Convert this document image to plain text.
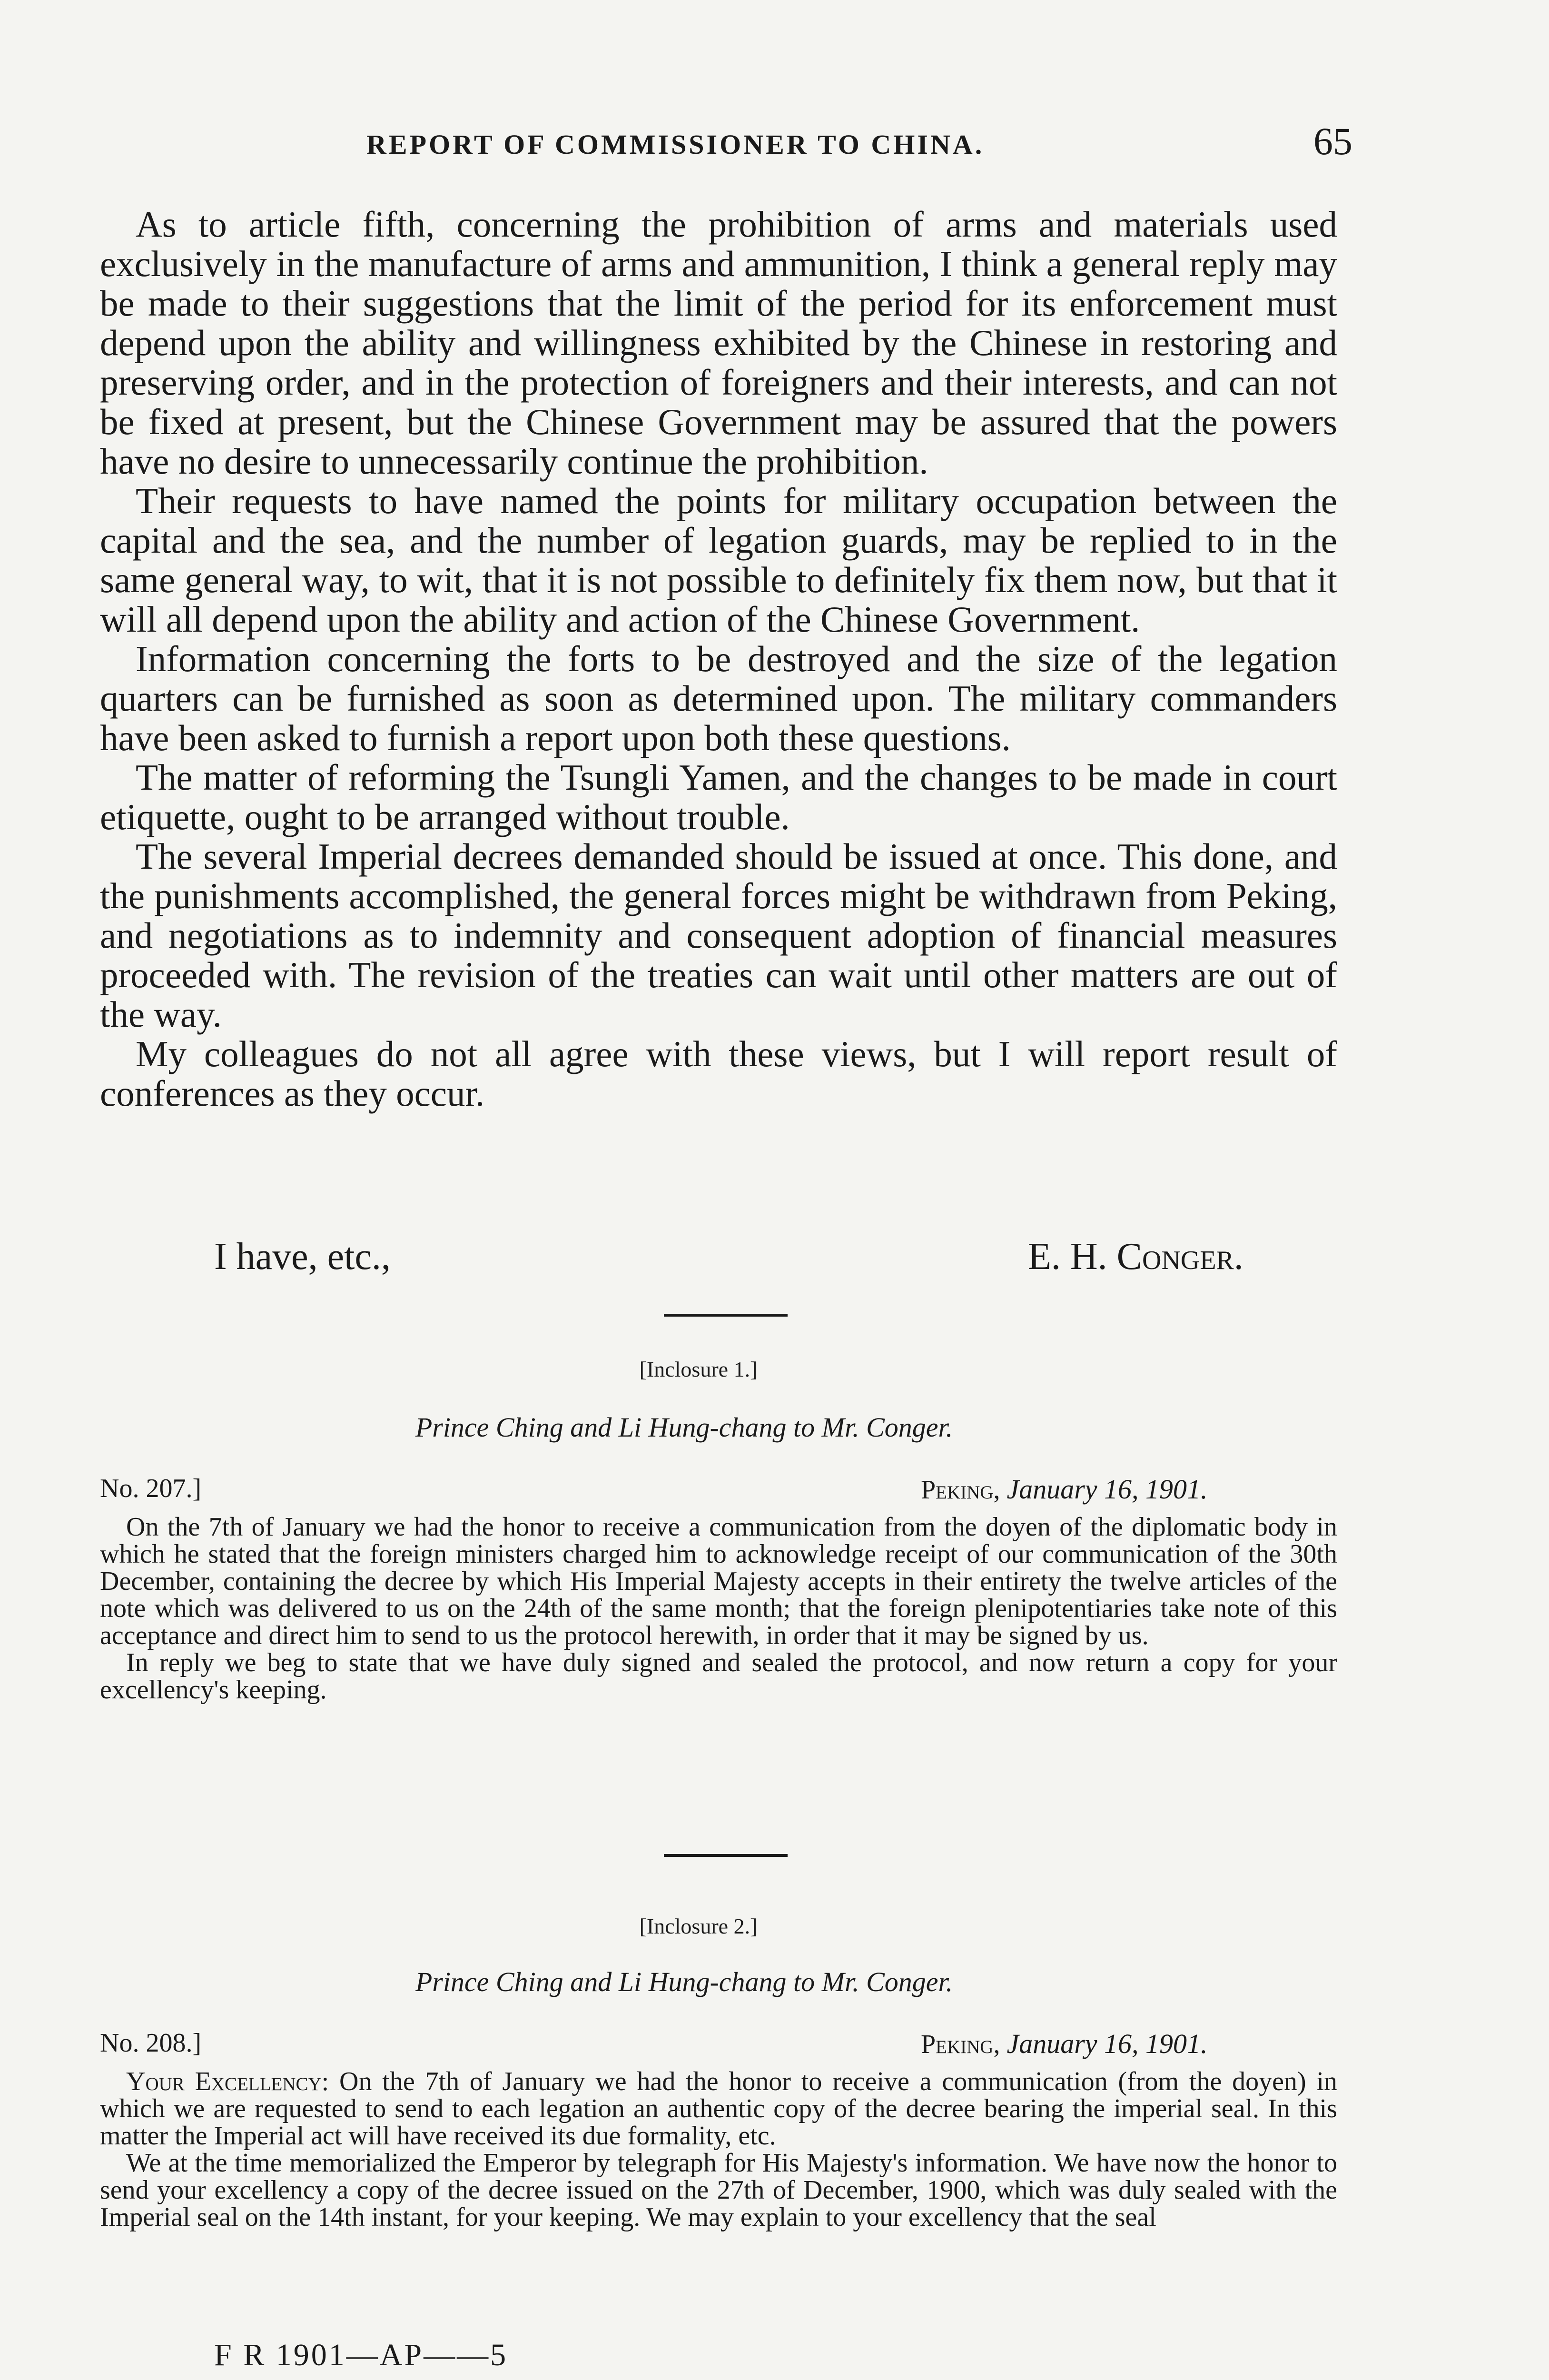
REPORT OF COMMISSIONER TO CHINA.	65

As to article fifth, concerning the prohibition of arms and materials used exclusively in the manufacture of arms and ammunition, I think a general reply may be made to their suggestions that the limit of the period for its enforcement must depend upon the ability and willingness exhibited by the Chinese in restoring and preserving order, and in the protection of foreigners and their interests, and can not be fixed at present, but the Chinese Government may be assured that the powers have no desire to unnecessarily continue the prohibition.

Their requests to have named the points for military occupation between the capital and the sea, and the number of legation guards, may be replied to in the same general way, to wit, that it is not possible to definitely fix them now, but that it will all depend upon the ability and action of the Chinese Government.

Information concerning the forts to be destroyed and the size of the legation quarters can be furnished as soon as determined upon. The military commanders have been asked to furnish a report upon both these questions.

The matter of reforming the Tsungli Yamen, and the changes to be made in court etiquette, ought to be arranged without trouble.

The several Imperial decrees demanded should be issued at once. This done, and the punishments accomplished, the general forces might be withdrawn from Peking, and negotiations as to indemnity and consequent adoption of financial measures proceeded with. The revision of the treaties can wait until other matters are out of the way.

My colleagues do not all agree with these views, but I will report result of conferences as they occur.

I have, etc.,	E. H. Conger.
[Inclosure 1.]
Prince Ching and Li Hung-chang to Mr. Conger.
No. 207.]	Peking, January 16, 1901.

On the 7th of January we had the honor to receive a communication from the doyen of the diplomatic body in which he stated that the foreign ministers charged him to acknowledge receipt of our communication of the 30th December, containing the decree by which His Imperial Majesty accepts in their entirety the twelve articles of the note which was delivered to us on the 24th of the same month; that the foreign plenipotentiaries take note of this acceptance and direct him to send to us the protocol herewith, in order that it may be signed by us.

In reply we beg to state that we have duly signed and sealed the protocol, and now return a copy for your excellency's keeping.

[Inclosure 2.]
Prince Ching and Li Hung-chang to Mr. Conger.
No. 208.]	Peking, January 16, 1901.

Your Excellency: On the 7th of January we had the honor to receive a communication (from the doyen) in which we are requested to send to each legation an authentic copy of the decree bearing the imperial seal. In this matter the Imperial act will have received its due formality, etc.

We at the time memorialized the Emperor by telegraph for His Majesty's information. We have now the honor to send your excellency a copy of the decree issued on the 27th of December, 1900, which was duly sealed with the Imperial seal on the 14th instant, for your keeping. We may explain to your excellency that the seal

F R 1901—AP——5
